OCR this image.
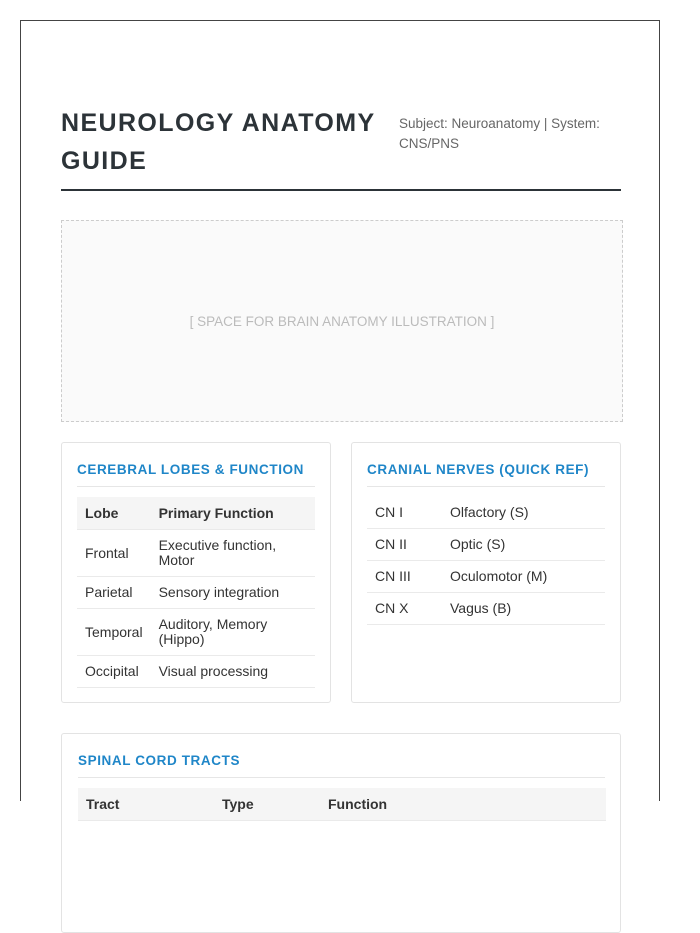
NEUROLOGY ANATOMY GUIDE
Subject: Neuroanatomy | System: CNS/PNS
[ SPACE FOR BRAIN ANATOMY ILLUSTRATION ]
CEREBRAL LOBES & FUNCTION
Lobe	Primary Function
Frontal	Executive function, Motor
Parietal	Sensory integration
Temporal	Auditory, Memory (Hippo)
Occipital	Visual processing
CRANIAL NERVES (QUICK REF)
CN I	Olfactory (S)
CN II	Optic (S)
CN III	Oculomotor (M)
CN X	Vagus (B)
SPINAL CORD TRACTS
Tract	Type	Function
